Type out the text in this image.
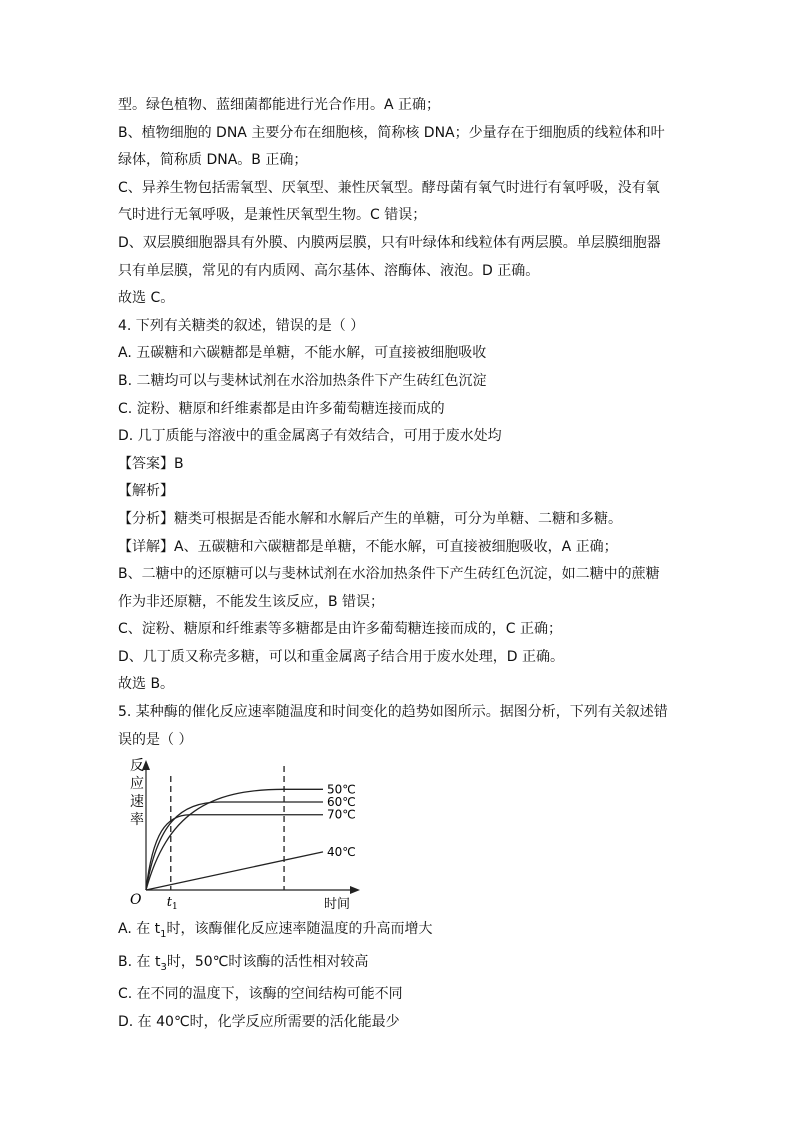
型。绿色植物、蓝细菌都能进行光合作用。A 正确；
B、植物细胞的 DNA 主要分布在细胞核，简称核 DNA；少量存在于细胞质的线粒体和叶
绿体，简称质 DNA。B 正确；
C、异养生物包括需氧型、厌氧型、兼性厌氧型。酵母菌有氧气时进行有氧呼吸，没有氧
气时进行无氧呼吸，是兼性厌氧型生物。C 错误；
D、双层膜细胞器具有外膜、内膜两层膜，只有叶绿体和线粒体有两层膜。单层膜细胞器
只有单层膜，常见的有内质网、高尔基体、溶酶体、液泡。D 正确。
故选 C。
4. 下列有关糖类的叙述，错误的是（ ）
A. 五碳糖和六碳糖都是单糖，不能水解，可直接被细胞吸收
B. 二糖均可以与斐林试剂在水浴加热条件下产生砖红色沉淀
C. 淀粉、糖原和纤维素都是由许多葡萄糖连接而成的
D. 几丁质能与溶液中的重金属离子有效结合，可用于废水处均
【答案】B
【解析】
【分析】糖类可根据是否能水解和水解后产生的单糖，可分为单糖、二糖和多糖。
【详解】A、五碳糖和六碳糖都是单糖，不能水解，可直接被细胞吸收，A 正确；
B、二糖中的还原糖可以与斐林试剂在水浴加热条件下产生砖红色沉淀，如二糖中的蔗糖
作为非还原糖，不能发生该反应，B 错误；
C、淀粉、糖原和纤维素等多糖都是由许多葡萄糖连接而成的，C 正确；
D、几丁质又称壳多糖，可以和重金属离子结合用于废水处理，D 正确。
故选 B。
5. 某种酶的催化反应速率随温度和时间变化的趋势如图所示。据图分析，下列有关叙述错
误的是（ ）
反
应
速
率
O	时间
$t_1$
50℃
60℃
70℃
40℃
A. 在 $t_1$时，该酶催化反应速率随温度的升高而增大
B. 在 $t_3$时，50℃时该酶的活性相对较高
C. 在不同的温度下，该酶的空间结构可能不同
D. 在 40℃时，化学反应所需要的活化能最少
